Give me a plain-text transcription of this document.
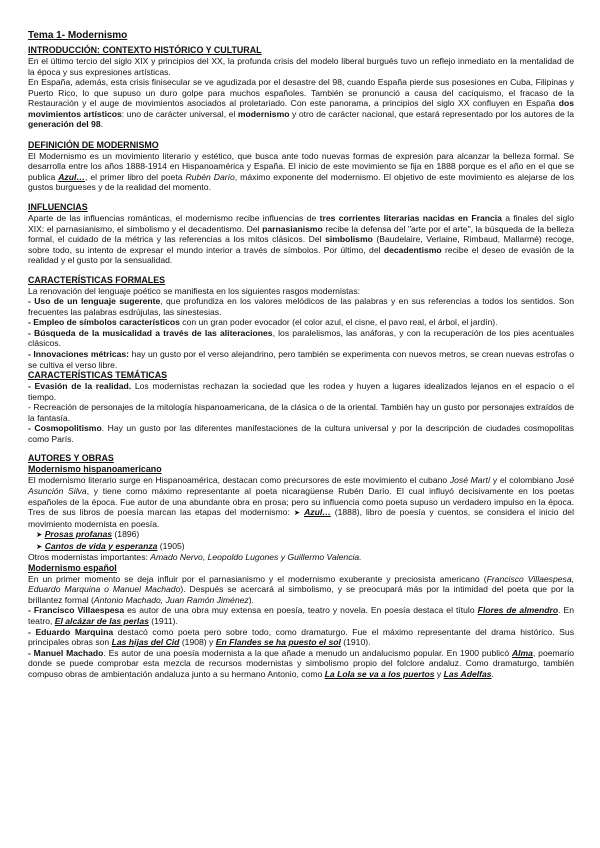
Tema 1- Modernismo
INTRODUCCIÓN: CONTEXTO HISTÓRICO Y CULTURAL

En el último tercio del siglo XIX y principios del XX, la profunda crisis del modelo liberal burgués tuvo un reflejo inmediato en la mentalidad de la época y sus expresiones artísticas.

En España, además, esta crisis finisecular se ve agudizada por el desastre del 98, cuando España pierde sus posesiones en Cuba, Filipinas y Puerto Rico, lo que supuso un duro golpe para muchos españoles. También se pronunció a causa del caciquismo, el fracaso de la Restauración y el auge de movimientos asociados al proletariado. Con este panorama, a principios del siglo XX confluyen en España dos movimientos artísticos: uno de carácter universal, el modernismo y otro de carácter nacional, que estará representado por los autores de la generación del 98.

DEFINICIÓN DE MODERNISMO

El Modernismo es un movimiento literario y estético, que busca ante todo nuevas formas de expresión para alcanzar la belleza formal. Se desarrolla entre los años 1888-1914 en Hispanoamérica y España. El inicio de este movimiento se fija en 1888 porque es el año en el que se publica Azul…, el primer libro del poeta Rubén Darío, máximo exponente del modernismo. El objetivo de este movimiento es alejarse de los gustos burgueses y de la realidad del momento.

INFLUENCIAS

Aparte de las influencias románticas, el modernismo recibe influencias de tres corrientes literarias nacidas en Francia a finales del siglo XIX: el parnasianismo, el simbolismo y el decadentismo. Del parnasianismo recibe la defensa del "arte por el arte", la búsqueda de la belleza formal, el cuidado de la métrica y las referencias a los mitos clásicos. Del simbolismo (Baudelaire, Verlaine, Rimbaud, Mallarmé) recoge, sobre todo, su intento de expresar el mundo interior a través de símbolos. Por último, del decadentismo recibe el deseo de evasión de la realidad y el gusto por la sensualidad.

CARACTERÍSTICAS FORMALES

La renovación del lenguaje poético se manifiesta en los siguientes rasgos modernistas:

- Uso de un lenguaje sugerente, que profundiza en los valores melódicos de las palabras y en sus referencias a todos los sentidos. Son frecuentes las palabras esdrújulas, las sinestesias.

- Empleo de símbolos característicos con un gran poder evocador (el color azul, el cisne, el pavo real, el árbol, el jardín).

- Búsqueda de la musicalidad a través de las aliteraciones, los paralelismos, las anáforas, y con la recuperación de los pies acentuales clásicos.

- Innovaciones métricas: hay un gusto por el verso alejandrino, pero también se experimenta con nuevos metros, se crean nuevas estrofas o se cultiva el verso libre.

CARACTERÍSTICAS TEMÁTICAS

- Evasión de la realidad. Los modernistas rechazan la sociedad que les rodea y huyen a lugares idealizados lejanos en el espacio o el tiempo.

- Recreación de personajes de la mitología hispanoamericana, de la clásica o de la oriental. También hay un gusto por personajes extraídos de la fantasía.

- Cosmopolitismo. Hay un gusto por las diferentes manifestaciones de la cultura universal y por la descripción de ciudades cosmopolitas como París.

AUTORES Y OBRAS
Modernismo hispanoamericano

El modernismo literario surge en Hispanoamérica, destacan como precursores de este movimiento el cubano José Martí y el colombiano José Asunción Silva, y tiene como máximo representante al poeta nicaragüense Rubén Darío. El cual influyó decisivamente en los poetas españoles de la época. Fue autor de una abundante obra en prosa; pero su influencia como poeta supuso un verdadero impulso en la época. Tres de sus libros de poesía marcan las etapas del modernismo: ➤ Azul… (1888), libro de poesía y cuentos, se considera el inicio del movimiento modernista en poesía.

➤ Prosas profanas (1896)

➤ Cantos de vida y esperanza (1905)

Otros modernistas importantes: Amado Nervo, Leopoldo Lugones y Guillermo Valencia.

Modernismo español

En un primer momento se deja influir por el parnasianismo y el modernismo exuberante y preciosista americano (Francisco Villaespesa, Eduardo Marquina o Manuel Machado). Después se acercará al simbolismo, y se preocupará más por la intimidad del poeta que por la brillantez formal (Antonio Machado, Juan Ramón Jiménez).

- Francisco Villaespesa es autor de una obra muy extensa en poesía, teatro y novela. En poesía destaca el título Flores de almendro. En teatro, El alcázar de las perlas (1911).

- Eduardo Marquina destacó como poeta pero sobre todo, como dramaturgo. Fue el máximo representante del drama histórico. Sus principales obras son Las hijas del Cid (1908) y En Flandes se ha puesto el sol (1910).

- Manuel Machado. Es autor de una poesía modernista a la que añade a menudo un andalucismo popular. En 1900 publicó Alma, poemario donde se puede comprobar esta mezcla de recursos modernistas y simbolismo propio del folclore andaluz. Como dramaturgo, también compuso obras de ambientación andaluza junto a su hermano Antonio, como La Lola se va a los puertos y Las Adelfas.
